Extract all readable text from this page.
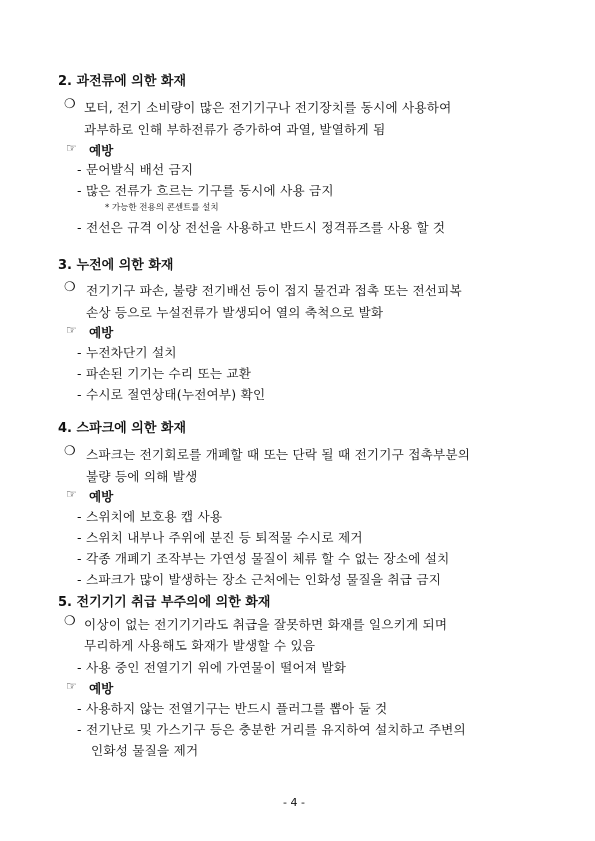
2. 과전류에 의한 화재
❍ 모터, 전기 소비량이 많은 전기기구나 전기장치를 동시에 사용하여
과부하로 인해 부하전류가 증가하여 과열, 발열하게 됨
☞ 예방
- 문어발식 배선 금지
- 많은 전류가 흐르는 기구를 동시에 사용 금지
* 가능한 전용의 콘센트를 설치
- 전선은 규격 이상 전선을 사용하고 반드시 정격퓨즈를 사용 할 것
3. 누전에 의한 화재
❍ 전기기구 파손, 불량 전기배선 등이 접지 물건과 접촉 또는 전선피복
손상 등으로 누설전류가 발생되어 열의 축척으로 발화
☞ 예방
- 누전차단기 설치
- 파손된 기기는 수리 또는 교환
- 수시로 절연상태(누전여부) 확인
4. 스파크에 의한 화재
❍ 스파크는 전기회로를 개폐할 때 또는 단락 될 때 전기기구 접촉부분의
불량 등에 의해 발생
☞ 예방
- 스위치에 보호용 캡 사용
- 스위치 내부나 주위에 분진 등 퇴적물 수시로 제거
- 각종 개폐기 조작부는 가연성 물질이 체류 할 수 없는 장소에 설치
- 스파크가 많이 발생하는 장소 근처에는 인화성 물질을 취급 금지
5. 전기기기 취급 부주의에 의한 화재
❍ 이상이 없는 전기기기라도 취급을 잘못하면 화재를 일으키게 되며
무리하게 사용해도 화재가 발생할 수 있음
- 사용 중인 전열기기 위에 가연물이 떨어져 발화
☞ 예방
- 사용하지 않는 전열기구는 반드시 플러그를 뽑아 둘 것
- 전기난로 및 가스기구 등은 충분한 거리를 유지하여 설치하고 주변의
인화성 물질을 제거
- 4 -
